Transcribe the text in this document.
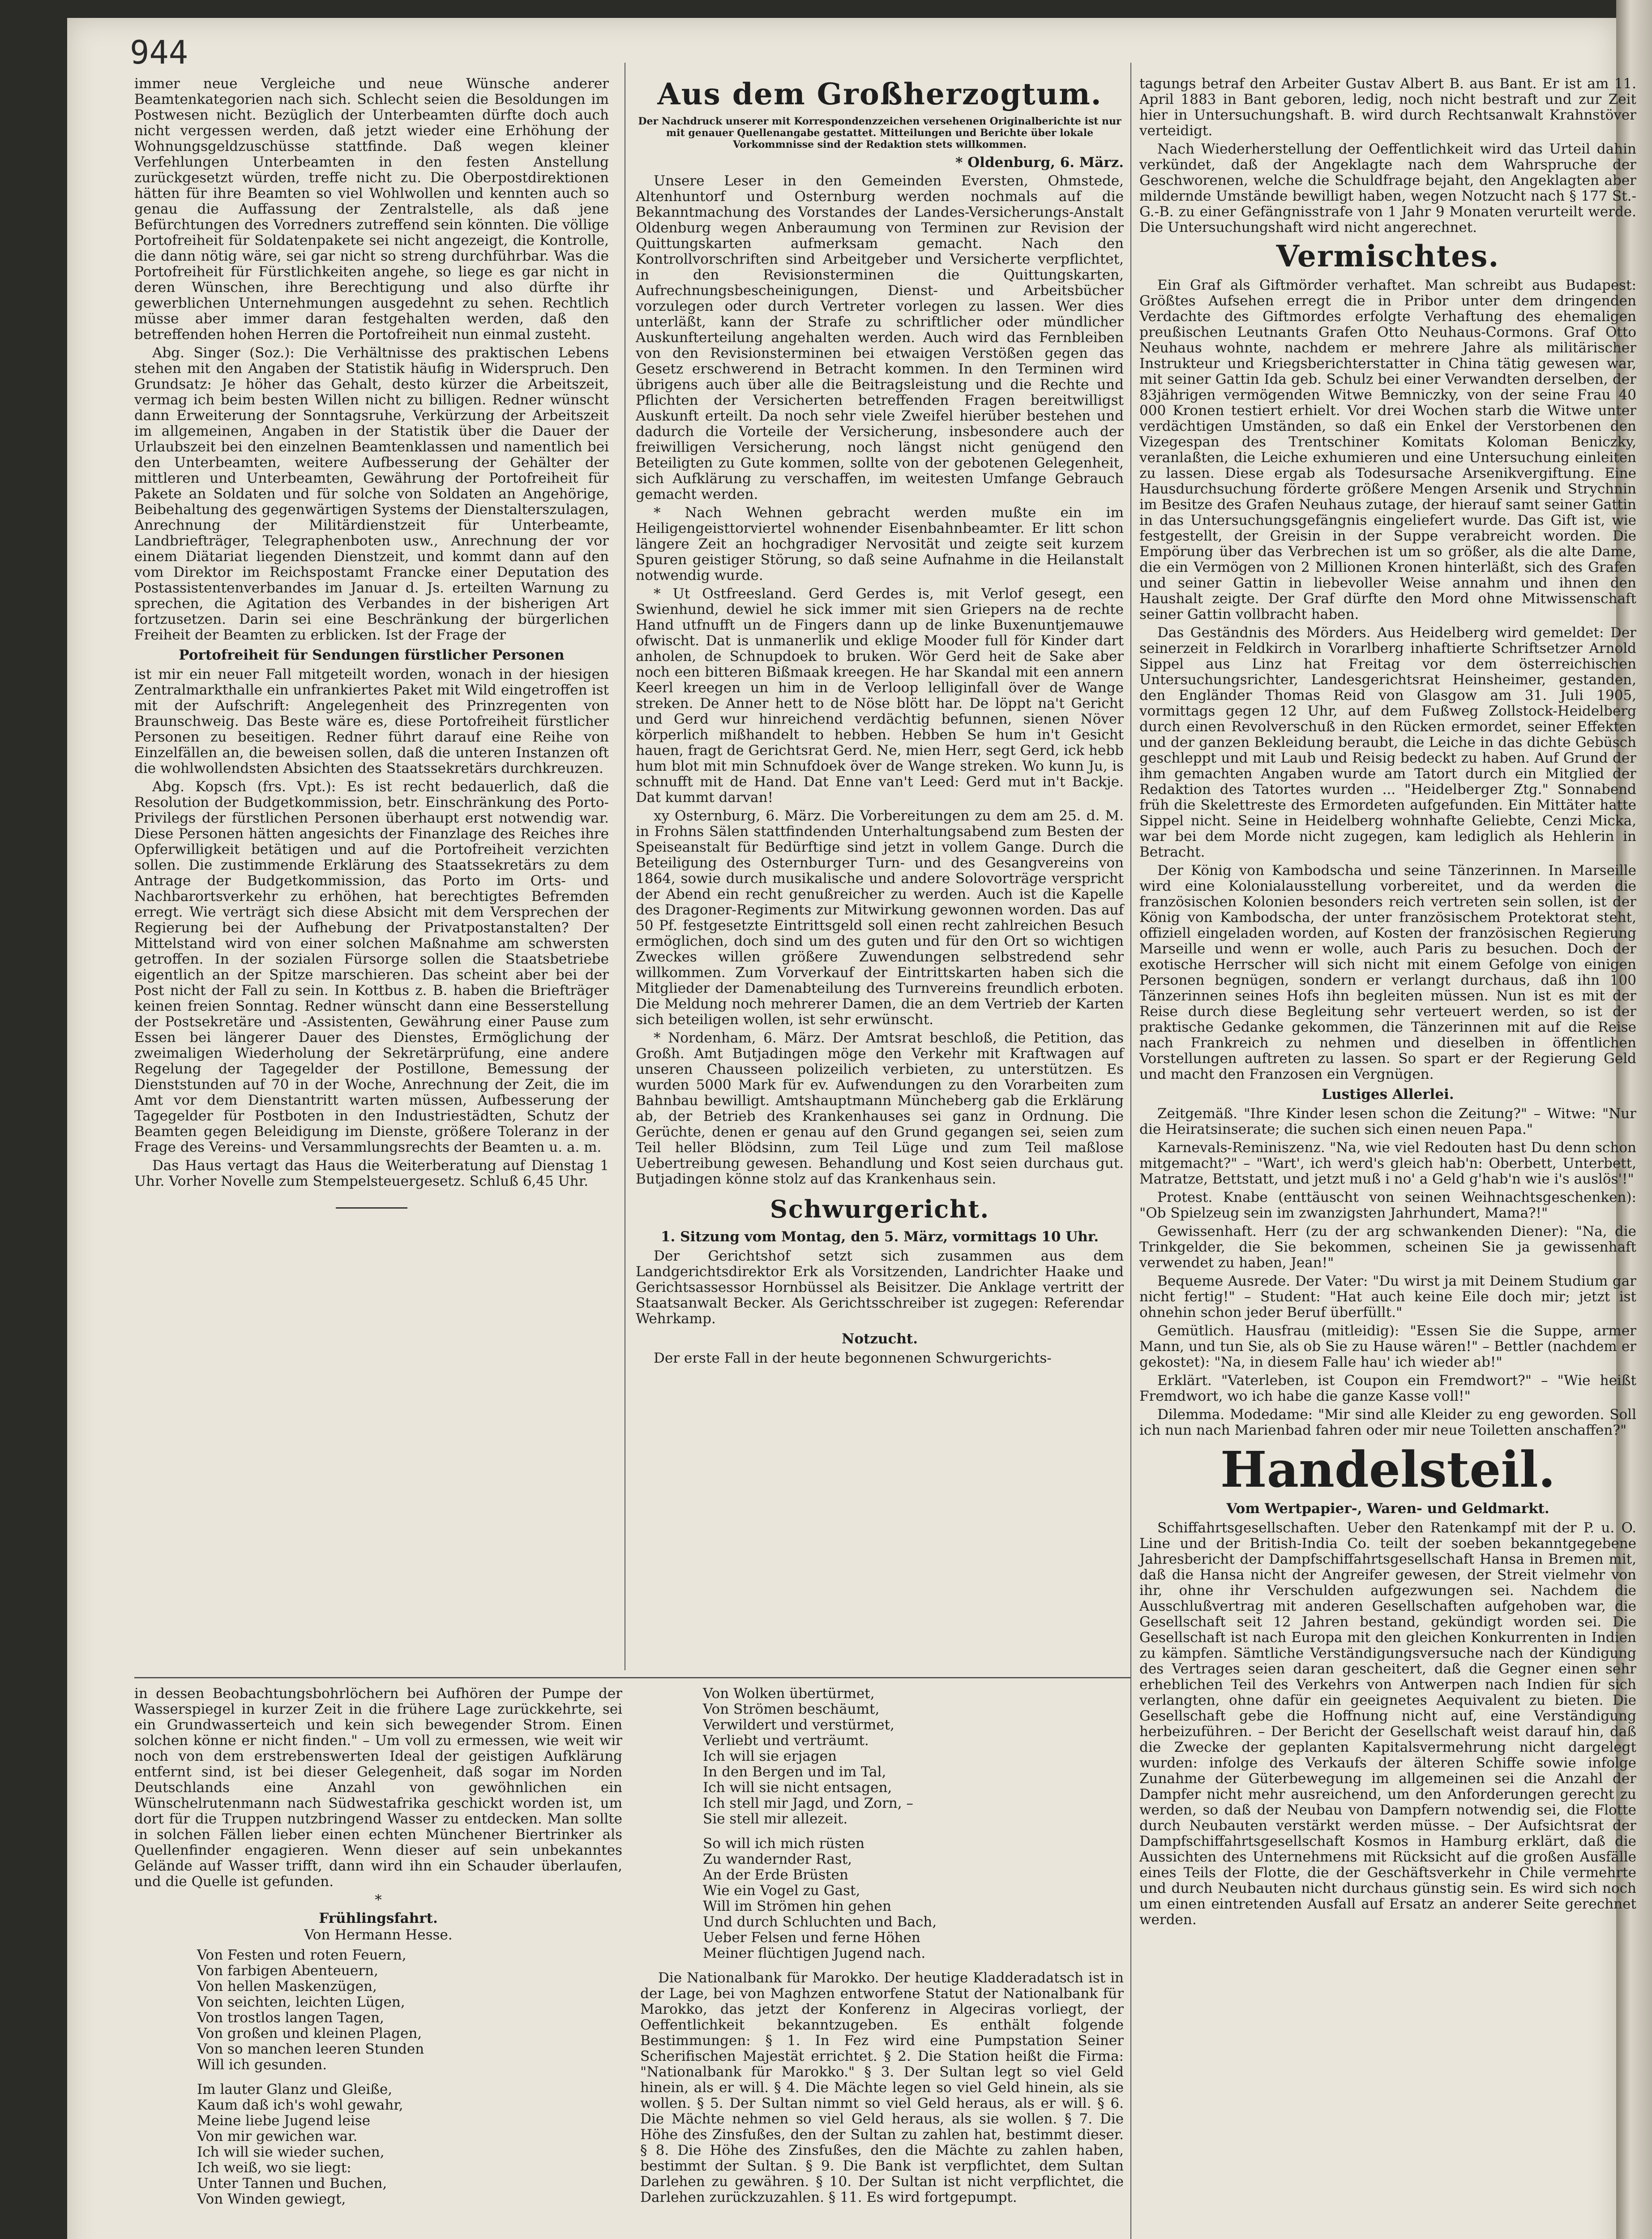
944

immer neue Vergleiche und neue Wünsche anderer Beamtenkategorien nach sich. Schlecht seien die Besoldungen im Postwesen nicht. Bezüglich der Unterbeamten dürfte doch auch nicht vergessen werden, daß jetzt wieder eine Erhöhung der Wohnungsgeldzuschüsse stattfinde. Daß wegen kleiner Verfehlungen Unterbeamten in den festen Anstellung zurückgesetzt würden, treffe nicht zu. Die Oberpostdirektionen hätten für ihre Beamten so viel Wohlwollen und kennten auch so genau die Auffassung der Zentralstelle, als daß jene Befürchtungen des Vorredners zutreffend sein könnten. Die völlige Portofreiheit für Soldatenpakete sei nicht angezeigt, die Kontrolle, die dann nötig wäre, sei gar nicht so streng durchführbar. Was die Portofreiheit für Fürstlichkeiten angehe, so liege es gar nicht in deren Wünschen, ihre Berechtigung und also dürfte ihr gewerblichen Unternehmungen ausgedehnt zu sehen. Rechtlich müsse aber immer daran festgehalten werden, daß den betreffenden hohen Herren die Portofreiheit nun einmal zusteht.

Abg. Singer (Soz.): Die Verhältnisse des praktischen Lebens stehen mit den Angaben der Statistik häufig in Widerspruch. Den Grundsatz: Je höher das Gehalt, desto kürzer die Arbeitszeit, vermag ich beim besten Willen nicht zu billigen. Redner wünscht dann Erweiterung der Sonntagsruhe, Verkürzung der Arbeitszeit im allgemeinen, Angaben in der Statistik über die Dauer der Urlaubszeit bei den einzelnen Beamtenklassen und namentlich bei den Unterbeamten, weitere Aufbesserung der Gehälter der mittleren und Unterbeamten, Gewährung der Portofreiheit für Pakete an Soldaten und für solche von Soldaten an Angehörige, Beibehaltung des gegenwärtigen Systems der Dienstalterszulagen, Anrechnung der Militärdienstzeit für Unterbeamte, Landbriefträger, Telegraphenboten usw., Anrechnung der vor einem Diätariat liegenden Dienstzeit, und kommt dann auf den vom Direktor im Reichspostamt Francke einer Deputation des Postassistentenverbandes im Januar d. Js. erteilten Warnung zu sprechen, die Agitation des Verbandes in der bisherigen Art fortzusetzen. Darin sei eine Beschränkung der bürgerlichen Freiheit der Beamten zu erblicken. Ist der Frage der

Portofreiheit für Sendungen fürstlicher Personen

ist mir ein neuer Fall mitgeteilt worden, wonach in der hiesigen Zentralmarkthalle ein unfrankiertes Paket mit Wild eingetroffen ist mit der Aufschrift: Angelegenheit des Prinzregenten von Braunschweig. Das Beste wäre es, diese Portofreiheit fürstlicher Personen zu beseitigen. Redner führt darauf eine Reihe von Einzelfällen an, die beweisen sollen, daß die unteren Instanzen oft die wohlwollendsten Absichten des Staatssekretärs durchkreuzen.

Abg. Kopsch (frs. Vpt.): Es ist recht bedauerlich, daß die Resolution der Budgetkommission, betr. Einschränkung des Porto-Privilegs der fürstlichen Personen überhaupt erst notwendig war. Diese Personen hätten angesichts der Finanzlage des Reiches ihre Opferwilligkeit betätigen und auf die Portofreiheit verzichten sollen. Die zustimmende Erklärung des Staatssekretärs zu dem Antrage der Budgetkommission, das Porto im Orts- und Nachbarortsverkehr zu erhöhen, hat berechtigtes Befremden erregt. Wie verträgt sich diese Absicht mit dem Versprechen der Regierung bei der Aufhebung der Privatpostanstalten? Der Mittelstand wird von einer solchen Maßnahme am schwersten getroffen. In der sozialen Fürsorge sollen die Staatsbetriebe eigentlich an der Spitze marschieren. Das scheint aber bei der Post nicht der Fall zu sein. In Kottbus z. B. haben die Briefträger keinen freien Sonntag. Redner wünscht dann eine Besserstellung der Postsekretäre und -Assistenten, Gewährung einer Pause zum Essen bei längerer Dauer des Dienstes, Ermöglichung der zweimaligen Wiederholung der Sekretärprüfung, eine andere Regelung der Tagegelder der Postillone, Bemessung der Dienststunden auf 70 in der Woche, Anrechnung der Zeit, die im Amt vor dem Dienstantritt warten müssen, Aufbesserung der Tagegelder für Postboten in den Industriestädten, Schutz der Beamten gegen Beleidigung im Dienste, größere Toleranz in der Frage des Vereins- und Versammlungsrechts der Beamten u. a. m.

Das Haus vertagt das Haus die Weiterberatung auf Dienstag 1 Uhr. Vorher Novelle zum Stempelsteuergesetz. Schluß 6,45 Uhr.

Aus dem Großherzogtum.
Der Nachdruck unserer mit Korrespondenzzeichen versehenen Originalberichte ist nur mit genauer Quellenangabe gestattet. Mitteilungen und Berichte über lokale Vorkommnisse sind der Redaktion stets willkommen.
* Oldenburg, 6. März.

Unsere Leser in den Gemeinden Eversten, Ohmstede, Altenhuntorf und Osternburg werden nochmals auf die Bekanntmachung des Vorstandes der Landes-Versicherungs-Anstalt Oldenburg wegen Anberaumung von Terminen zur Revision der Quittungskarten aufmerksam gemacht. Nach den Kontrollvorschriften sind Arbeitgeber und Versicherte verpflichtet, in den Revisionsterminen die Quittungskarten, Aufrechnungsbescheinigungen, Dienst- und Arbeitsbücher vorzulegen oder durch Vertreter vorlegen zu lassen. Wer dies unterläßt, kann der Strafe zu schriftlicher oder mündlicher Auskunfterteilung angehalten werden. Auch wird das Fernbleiben von den Revisionsterminen bei etwaigen Verstößen gegen das Gesetz erschwerend in Betracht kommen. In den Terminen wird übrigens auch über alle die Beitragsleistung und die Rechte und Pflichten der Versicherten betreffenden Fragen bereitwilligst Auskunft erteilt. Da noch sehr viele Zweifel hierüber bestehen und dadurch die Vorteile der Versicherung, insbesondere auch der freiwilligen Versicherung, noch längst nicht genügend den Beteiligten zu Gute kommen, sollte von der gebotenen Gelegenheit, sich Aufklärung zu verschaffen, im weitesten Umfange Gebrauch gemacht werden.

* Nach Wehnen gebracht werden mußte ein im Heiligengeisttorviertel wohnender Eisenbahnbeamter. Er litt schon längere Zeit an hochgradiger Nervosität und zeigte seit kurzem Spuren geistiger Störung, so daß seine Aufnahme in die Heilanstalt notwendig wurde.

* Ut Ostfreesland. Gerd Gerdes is, mit Verlof gesegt, een Swienhund, dewiel he sick immer mit sien Griepers na de rechte Hand utfnufft un de Fingers dann up de linke Buxenuntjemauwe ofwischt. Dat is unmanerlik und eklige Mooder full för Kinder dart anholen, de Schnupdoek to bruken. Wör Gerd heit de Sake aber noch een bitteren Bißmaak kreegen. He har Skandal mit een annern Keerl kreegen un him in de Verloop lelliginfall över de Wange streken. De Anner hett to de Nöse blött har. De löppt na't Gericht und Gerd wur hinreichend verdächtig befunnen, sienen Növer körperlich mißhandelt to hebben. Hebben Se hum in't Gesicht hauen, fragt de Gerichtsrat Gerd. Ne, mien Herr, segt Gerd, ick hebb hum blot mit min Schnufdoek över de Wange streken. Wo kunn Ju, is schnufft mit de Hand. Dat Enne van't Leed: Gerd mut in't Backje. Dat kummt darvan!

xy Osternburg, 6. März. Die Vorbereitungen zu dem am 25. d. M. in Frohns Sälen stattfindenden Unterhaltungsabend zum Besten der Speiseanstalt für Bedürftige sind jetzt in vollem Gange. Durch die Beteiligung des Osternburger Turn- und des Gesangvereins von 1864, sowie durch musikalische und andere Solovorträge verspricht der Abend ein recht genußreicher zu werden. Auch ist die Kapelle des Dragoner-Regiments zur Mitwirkung gewonnen worden. Das auf 50 Pf. festgesetzte Eintrittsgeld soll einen recht zahlreichen Besuch ermöglichen, doch sind um des guten und für den Ort so wichtigen Zweckes willen größere Zuwendungen selbstredend sehr willkommen. Zum Vorverkauf der Eintrittskarten haben sich die Mitglieder der Damenabteilung des Turnvereins freundlich erboten. Die Meldung noch mehrerer Damen, die an dem Vertrieb der Karten sich beteiligen wollen, ist sehr erwünscht.

* Nordenham, 6. März. Der Amtsrat beschloß, die Petition, das Großh. Amt Butjadingen möge den Verkehr mit Kraftwagen auf unseren Chausseen polizeilich verbieten, zu unterstützen. Es wurden 5000 Mark für ev. Aufwendungen zu den Vorarbeiten zum Bahnbau bewilligt. Amtshauptmann Müncheberg gab die Erklärung ab, der Betrieb des Krankenhauses sei ganz in Ordnung. Die Gerüchte, denen er genau auf den Grund gegangen sei, seien zum Teil heller Blödsinn, zum Teil Lüge und zum Teil maßlose Uebertreibung gewesen. Behandlung und Kost seien durchaus gut. Butjadingen könne stolz auf das Krankenhaus sein.

Schwurgericht.
1. Sitzung vom Montag, den 5. März, vormittags 10 Uhr.

Der Gerichtshof setzt sich zusammen aus dem Landgerichtsdirektor Erk als Vorsitzenden, Landrichter Haake und Gerichtsassessor Hornbüssel als Beisitzer. Die Anklage vertritt der Staatsanwalt Becker. Als Gerichtsschreiber ist zugegen: Referendar Wehrkamp.

Notzucht.

Der erste Fall in der heute begonnenen Schwurgerichts-

tagungs betraf den Arbeiter Gustav Albert B. aus Bant. Er ist am 11. April 1883 in Bant geboren, ledig, noch nicht bestraft und zur Zeit hier in Untersuchungshaft. B. wird durch Rechtsanwalt Krahnstöver verteidigt.

Nach Wiederherstellung der Oeffentlichkeit wird das Urteil dahin verkündet, daß der Angeklagte nach dem Wahrspruche der Geschworenen, welche die Schuldfrage bejaht, den Angeklagten aber mildernde Umstände bewilligt haben, wegen Notzucht nach § 177 St.-G.-B. zu einer Gefängnisstrafe von 1 Jahr 9 Monaten verurteilt werde. Die Untersuchungshaft wird nicht angerechnet.

Vermischtes.

Ein Graf als Giftmörder verhaftet. Man schreibt aus Budapest: Größtes Aufsehen erregt die in Pribor unter dem dringenden Verdachte des Giftmordes erfolgte Verhaftung des ehemaligen preußischen Leutnants Grafen Otto Neuhaus-Cormons. Graf Otto Neuhaus wohnte, nachdem er mehrere Jahre als militärischer Instrukteur und Kriegsberichterstatter in China tätig gewesen war, mit seiner Gattin Ida geb. Schulz bei einer Verwandten derselben, der 83jährigen vermögenden Witwe Bemniczky, von der seine Frau 40 000 Kronen testiert erhielt. Vor drei Wochen starb die Witwe unter verdächtigen Umständen, so daß ein Enkel der Verstorbenen den Vizegespan des Trentschiner Komitats Koloman Beniczky, veranlaßten, die Leiche exhumieren und eine Untersuchung einleiten zu lassen. Diese ergab als Todesursache Arsenikvergiftung. Eine Hausdurchsuchung förderte größere Mengen Arsenik und Strychnin im Besitze des Grafen Neuhaus zutage, der hierauf samt seiner Gattin in das Untersuchungsgefängnis eingeliefert wurde. Das Gift ist, wie festgestellt, der Greisin in der Suppe verabreicht worden. Die Empörung über das Verbrechen ist um so größer, als die alte Dame, die ein Vermögen von 2 Millionen Kronen hinterläßt, sich des Grafen und seiner Gattin in liebevoller Weise annahm und ihnen den Haushalt zeigte. Der Graf dürfte den Mord ohne Mitwissenschaft seiner Gattin vollbracht haben.

Das Geständnis des Mörders. Aus Heidelberg wird gemeldet: Der seinerzeit in Feldkirch in Vorarlberg inhaftierte Schriftsetzer Arnold Sippel aus Linz hat Freitag vor dem österreichischen Untersuchungsrichter, Landesgerichtsrat Heinsheimer, gestanden, den Engländer Thomas Reid von Glasgow am 31. Juli 1905, vormittags gegen 12 Uhr, auf dem Fußweg Zollstock-Heidelberg durch einen Revolverschuß in den Rücken ermordet, seiner Effekten und der ganzen Bekleidung beraubt, die Leiche in das dichte Gebüsch geschleppt und mit Laub und Reisig bedeckt zu haben. Auf Grund der ihm gemachten Angaben wurde am Tatort durch ein Mitglied der Redaktion des Tatortes wurden ... "Heidelberger Ztg." Sonnabend früh die Skelettreste des Ermordeten aufgefunden. Ein Mittäter hatte Sippel nicht. Seine in Heidelberg wohnhafte Geliebte, Cenzi Micka, war bei dem Morde nicht zugegen, kam lediglich als Hehlerin in Betracht.

Der König von Kambodscha und seine Tänzerinnen. In Marseille wird eine Kolonialausstellung vorbereitet, und da werden die französischen Kolonien besonders reich vertreten sein sollen, ist der König von Kambodscha, der unter französischem Protektorat steht, offiziell eingeladen worden, auf Kosten der französischen Regierung Marseille und wenn er wolle, auch Paris zu besuchen. Doch der exotische Herrscher will sich nicht mit einem Gefolge von einigen Personen begnügen, sondern er verlangt durchaus, daß ihn 100 Tänzerinnen seines Hofs ihn begleiten müssen. Nun ist es mit der Reise durch diese Begleitung sehr verteuert werden, so ist der praktische Gedanke gekommen, die Tänzerinnen mit auf die Reise nach Frankreich zu nehmen und dieselben in öffentlichen Vorstellungen auftreten zu lassen. So spart er der Regierung Geld und macht den Franzosen ein Vergnügen.

Lustiges Allerlei.

Zeitgemäß. "Ihre Kinder lesen schon die Zeitung?" – Witwe: "Nur die Heiratsinserate; die suchen sich einen neuen Papa."

Karnevals-Reminiszenz. "Na, wie viel Redouten hast Du denn schon mitgemacht?" – "Wart', ich werd's gleich hab'n: Oberbett, Unterbett, Matratze, Bettstatt, und jetzt muß i no' a Geld g'hab'n wie i's auslös'!"

Protest. Knabe (enttäuscht von seinen Weihnachtsgeschenken): "Ob Spielzeug sein im zwanzigsten Jahrhundert, Mama?!"

Gewissenhaft. Herr (zu der arg schwankenden Diener): "Na, die Trinkgelder, die Sie bekommen, scheinen Sie ja gewissenhaft verwendet zu haben, Jean!"

Bequeme Ausrede. Der Vater: "Du wirst ja mit Deinem Studium gar nicht fertig!" – Student: "Hat auch keine Eile doch mir; jetzt ist ohnehin schon jeder Beruf überfüllt."

Gemütlich. Hausfrau (mitleidig): "Essen Sie die Suppe, armer Mann, und tun Sie, als ob Sie zu Hause wären!" – Bettler (nachdem er gekostet): "Na, in diesem Falle hau' ich wieder ab!"

Erklärt. "Vaterleben, ist Coupon ein Fremdwort?" – "Wie heißt Fremdwort, wo ich habe die ganze Kasse voll!"

Dilemma. Modedame: "Mir sind alle Kleider zu eng geworden. Soll ich nun nach Marienbad fahren oder mir neue Toiletten anschaffen?"

Handelsteil.
Vom Wertpapier-, Waren- und Geldmarkt.

Schiffahrtsgesellschaften. Ueber den Ratenkampf mit der P. u. O. Line und der British-India Co. teilt der soeben bekanntgegebene Jahresbericht der Dampfschiffahrtsgesellschaft Hansa in Bremen mit, daß die Hansa nicht der Angreifer gewesen, der Streit vielmehr von ihr, ohne ihr Verschulden aufgezwungen sei. Nachdem die Ausschlußvertrag mit anderen Gesellschaften aufgehoben war, die Gesellschaft seit 12 Jahren bestand, gekündigt worden sei. Die Gesellschaft ist nach Europa mit den gleichen Konkurrenten in Indien zu kämpfen. Sämtliche Verständigungsversuche nach der Kündigung des Vertrages seien daran gescheitert, daß die Gegner einen sehr erheblichen Teil des Verkehrs von Antwerpen nach Indien für sich verlangten, ohne dafür ein geeignetes Aequivalent zu bieten. Die Gesellschaft gebe die Hoffnung nicht auf, eine Verständigung herbeizuführen. – Der Bericht der Gesellschaft weist darauf hin, daß die Zwecke der geplanten Kapitalsvermehrung nicht dargelegt wurden: infolge des Verkaufs der älteren Schiffe sowie infolge Zunahme der Güterbewegung im allgemeinen sei die Anzahl der Dampfer nicht mehr ausreichend, um den Anforderungen gerecht zu werden, so daß der Neubau von Dampfern notwendig sei, die Flotte durch Neubauten verstärkt werden müsse. – Der Aufsichtsrat der Dampfschiffahrtsgesellschaft Kosmos in Hamburg erklärt, daß die Aussichten des Unternehmens mit Rücksicht auf die großen Ausfälle eines Teils der Flotte, die der Geschäftsverkehr in Chile vermehrte und durch Neubauten nicht durchaus günstig sein. Es wird sich noch um einen eintretenden Ausfall auf Ersatz an anderer Seite gerechnet werden.

in dessen Beobachtungsbohrlöchern bei Aufhören der Pumpe der Wasserspiegel in kurzer Zeit in die frühere Lage zurückkehrte, sei ein Grundwasserteich und kein sich bewegender Strom. Einen solchen könne er nicht finden." – Um voll zu ermessen, wie weit wir noch von dem erstrebenswerten Ideal der geistigen Aufklärung entfernt sind, ist bei dieser Gelegenheit, daß sogar im Norden Deutschlands eine Anzahl von gewöhnlichen ein Wünschelrutenmann nach Südwestafrika geschickt worden ist, um dort für die Truppen nutzbringend Wasser zu entdecken. Man sollte in solchen Fällen lieber einen echten Münchener Biertrinker als Quellenfinder engagieren. Wenn dieser auf sein unbekanntes Gelände auf Wasser trifft, dann wird ihn ein Schauder überlaufen, und die Quelle ist gefunden.

*
Frühlingsfahrt.
Von Hermann Hesse.
Von Festen und roten Feuern,
Von farbigen Abenteuern,
Von hellen Maskenzügen,
Von seichten, leichten Lügen,
Von trostlos langen Tagen,
Von großen und kleinen Plagen,
Von so manchen leeren Stunden
Will ich gesunden.
Im lauter Glanz und Gleiße,
Kaum daß ich's wohl gewahr,
Meine liebe Jugend leise
Von mir gewichen war.
Ich will sie wieder suchen,
Ich weiß, wo sie liegt:
Unter Tannen und Buchen,
Von Winden gewiegt,
Von Wolken übertürmet,
Von Strömen beschäumt,
Verwildert und verstürmet,
Verliebt und verträumt.
Ich will sie erjagen
In den Bergen und im Tal,
Ich will sie nicht entsagen,
Ich stell mir Jagd, und Zorn, –
Sie stell mir allezeit.
So will ich mich rüsten
Zu wandernder Rast,
An der Erde Brüsten
Wie ein Vogel zu Gast,
Will im Strömen hin gehen
Und durch Schluchten und Bach,
Ueber Felsen und ferne Höhen
Meiner flüchtigen Jugend nach.

Die Nationalbank für Marokko. Der heutige Kladderadatsch ist in der Lage, bei von Maghzen entworfene Statut der Nationalbank für Marokko, das jetzt der Konferenz in Algeciras vorliegt, der Oeffentlichkeit bekanntzugeben. Es enthält folgende Bestimmungen: § 1. In Fez wird eine Pumpstation Seiner Scherifischen Majestät errichtet. § 2. Die Station heißt die Firma: "Nationalbank für Marokko." § 3. Der Sultan legt so viel Geld hinein, als er will. § 4. Die Mächte legen so viel Geld hinein, als sie wollen. § 5. Der Sultan nimmt so viel Geld heraus, als er will. § 6. Die Mächte nehmen so viel Geld heraus, als sie wollen. § 7. Die Höhe des Zinsfußes, den der Sultan zu zahlen hat, bestimmt dieser. § 8. Die Höhe des Zinsfußes, den die Mächte zu zahlen haben, bestimmt der Sultan. § 9. Die Bank ist verpflichtet, dem Sultan Darlehen zu gewähren. § 10. Der Sultan ist nicht verpflichtet, die Darlehen zurückzuzahlen. § 11. Es wird fortgepumpt.
